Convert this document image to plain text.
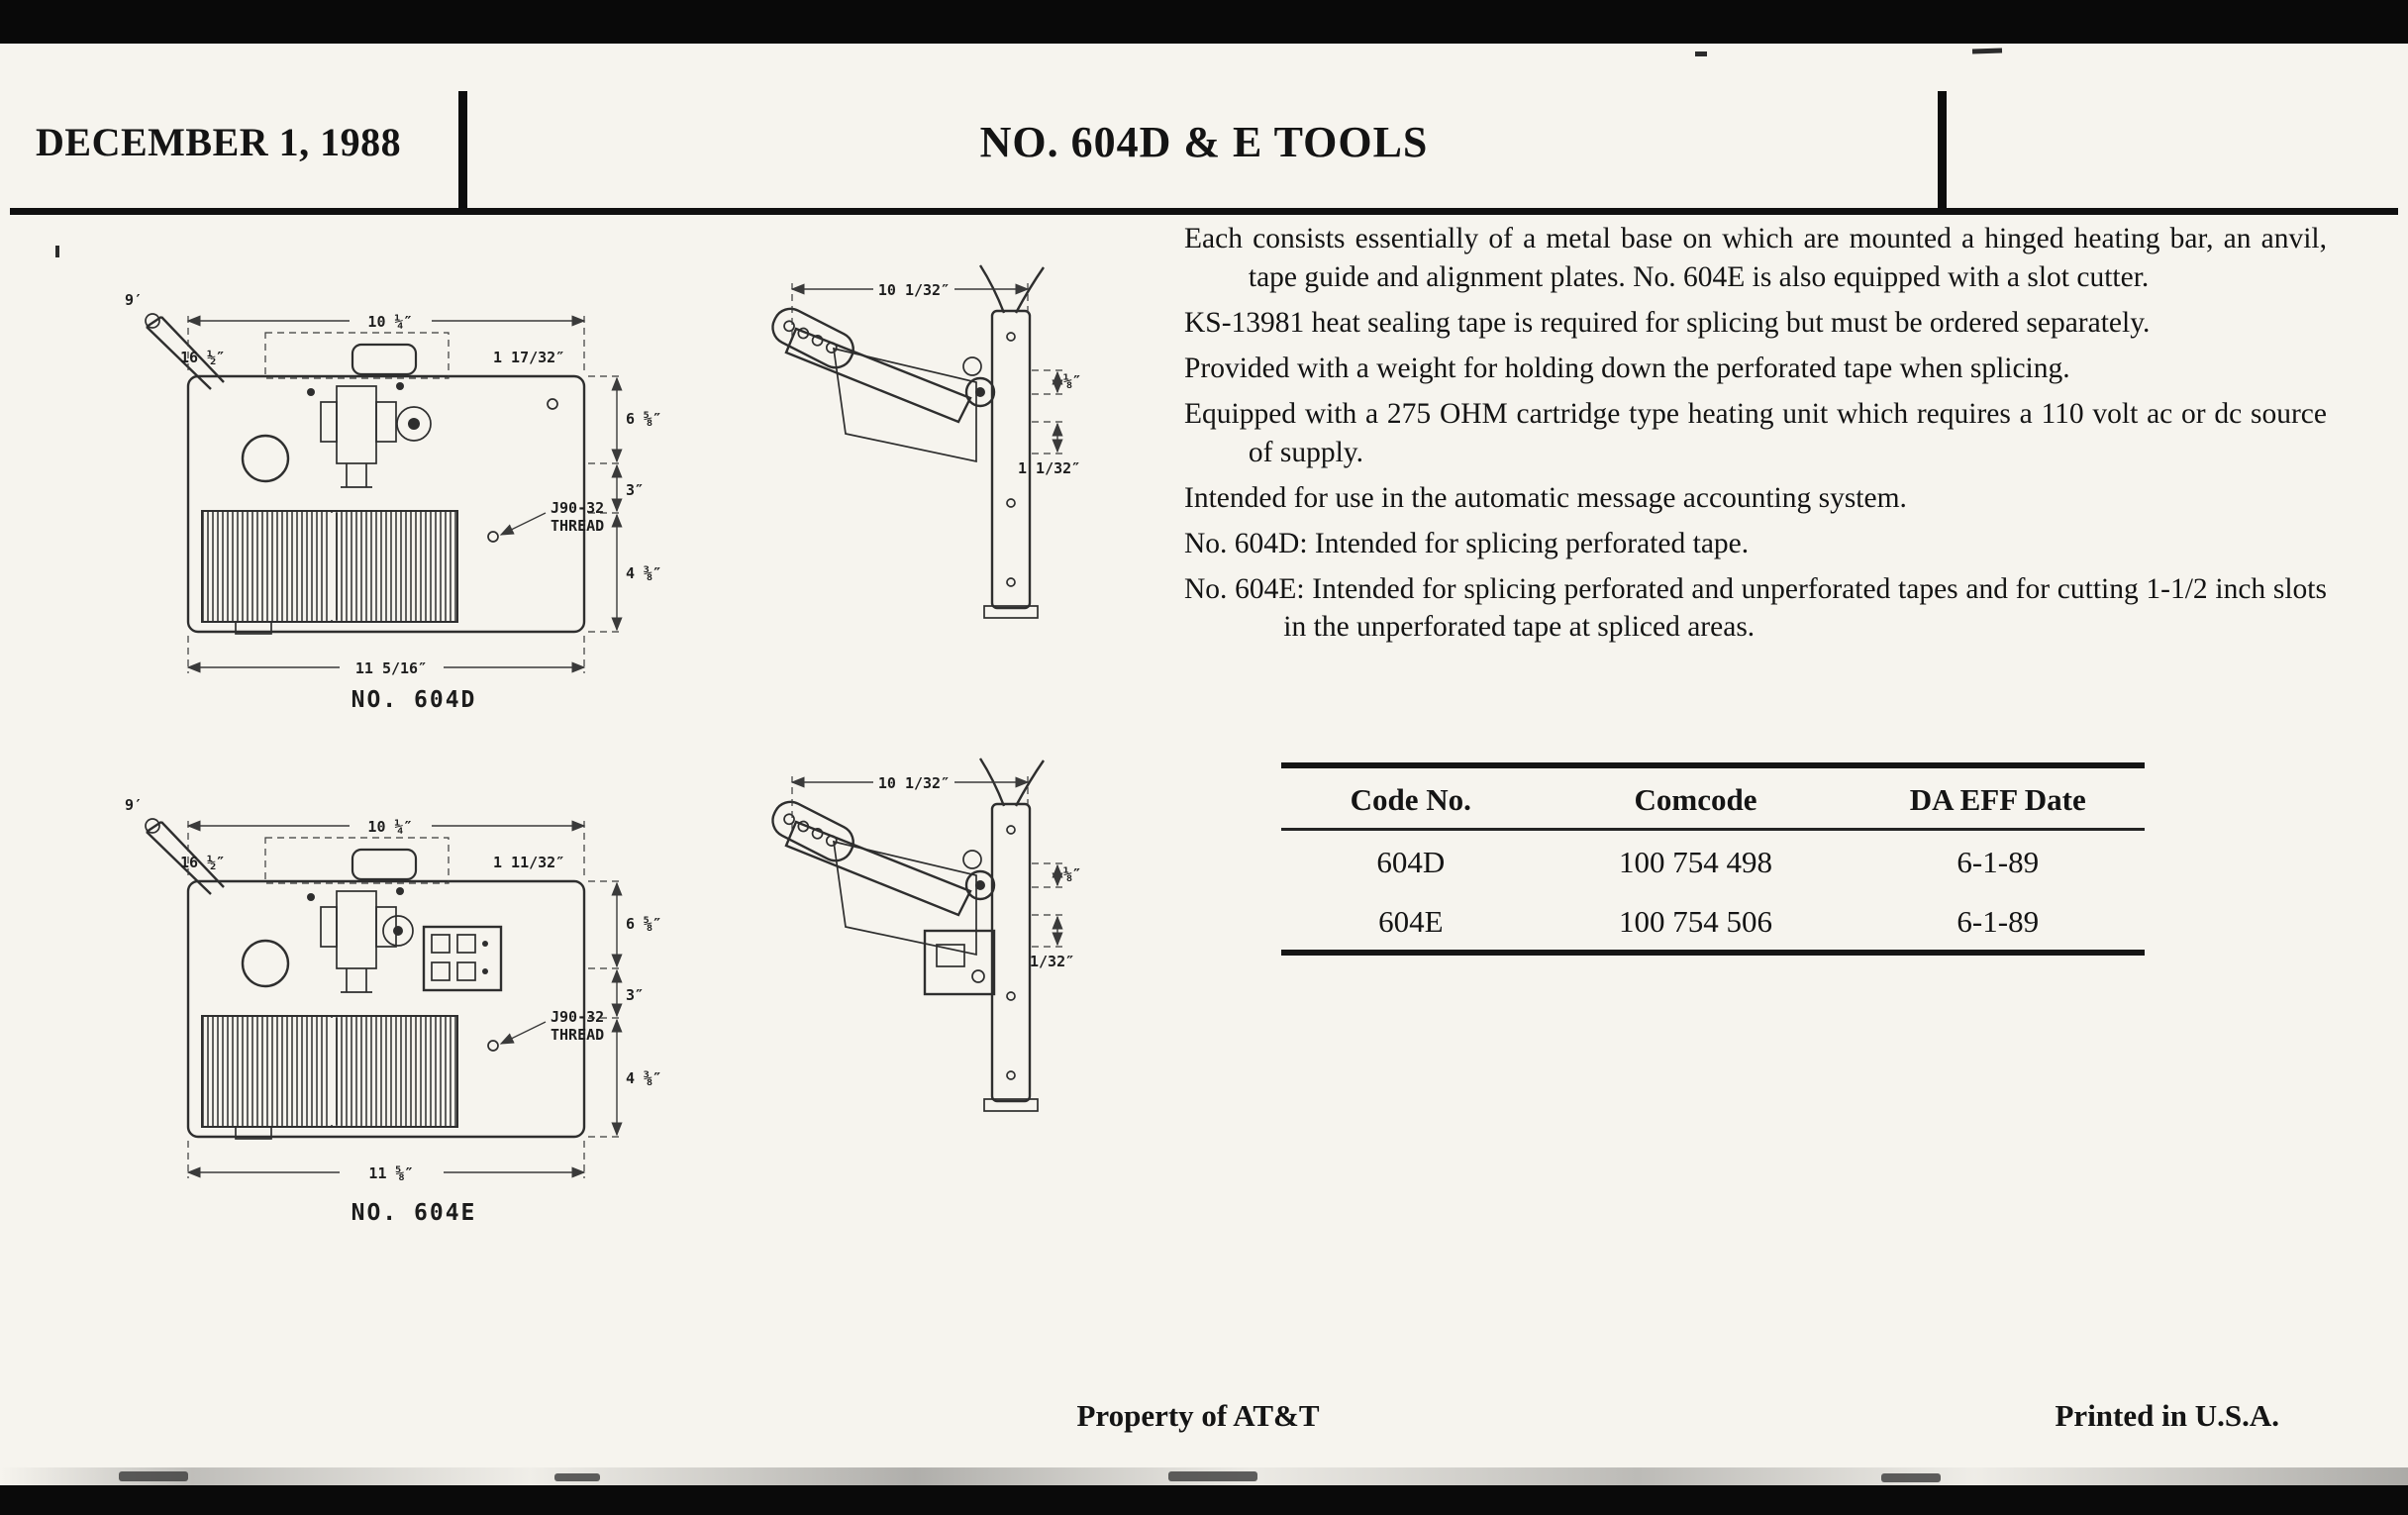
DECEMBER 1, 1988	NO. 604D & E TOOLS
10 ¼″
9′
16 ½″	1 17/32″
6 ⅝″
3″
4 ⅜″
11 5/16″
J90-32
THREAD
NO. 604D
10 1/32″
⅛″
1 1/32″
10 ¼″
9′
16 ½″	1 11/32″
6 ⅝″
3″
4 ⅜″
11 ⅝″
J90-32
THREAD
NO. 604E
10 1/32″
⅛″
1/32″

Each consists essentially of a metal base on which are mounted a hinged heating bar, an anvil, tape guide and alignment plates. No. 604E is also equipped with a slot cutter.

KS-13981 heat sealing tape is required for splicing but must be ordered separately.

Provided with a weight for holding down the perforated tape when splicing.

Equipped with a 275 OHM cartridge type heating unit which requires a 110 volt ac or dc source of supply.

Intended for use in the automatic message accounting system.

No. 604D: Intended for splicing perforated tape.

No. 604E: Intended for splicing perforated and unperforated tapes and for cutting 1-1/2 inch slots in the unperforated tape at spliced areas.

Code No.	Comcode	DA EFF Date
604D	100 754 498	6-1-89
604E	100 754 506	6-1-89
Property of AT&T	Printed in U.S.A.
